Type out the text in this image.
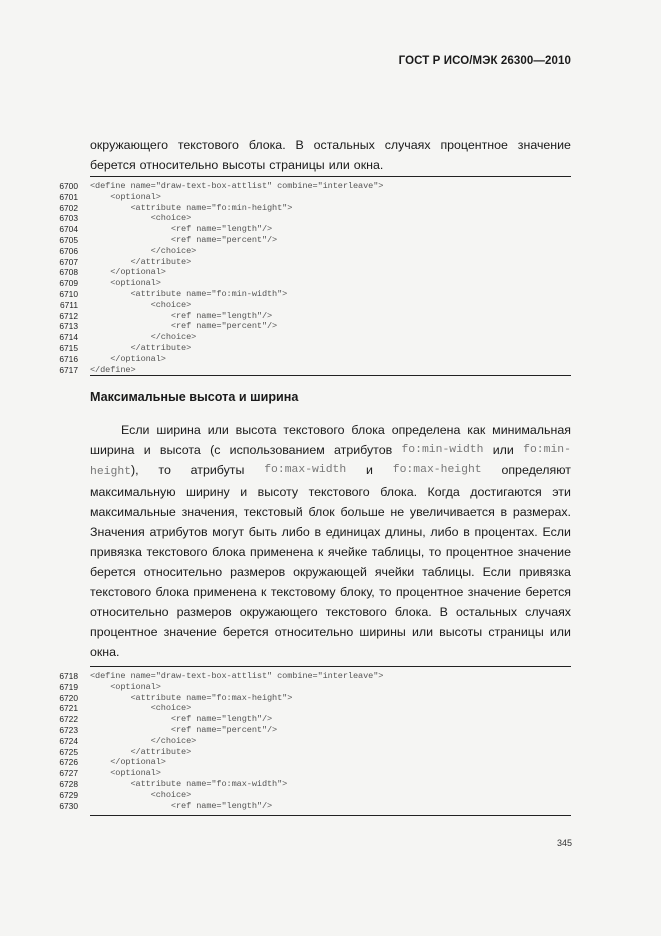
ГОСТ Р ИСО/МЭК 26300—2010
окружающего текстового блока. В остальных случаях процентное значение
берется относительно высоты страницы или окна.
6700 <define name="draw-text-box-attlist" combine="interleave">
6701 <optional>
6702 <attribute name="fo:min-height">
6703 <choice>
6704 <ref name="length"/>
6705 <ref name="percent"/>
6706 </choice>
6707 </attribute>
6708 </optional>
6709 <optional>
6710 <attribute name="fo:min-width">
6711 <choice>
6712 <ref name="length"/>
6713 <ref name="percent"/>
6714 </choice>
6715 </attribute>
6716 </optional>
6717 </define>
Максимальные высота и ширина
Если ширина или высота текстового блока определена как минимальная
ширина и высота (с использованием атрибутов fo:min-width или fo:min-
height), то атрибуты fo:max-width и fo:max-height определяют
максимальную ширину и высоту текстового блока. Когда достигаются эти
максимальные значения, текстовый блок больше не увеличивается в размерах.
Значения атрибутов могут быть либо в единицах длины, либо в процентах. Если
привязка текстового блока применена к ячейке таблицы, то процентное значение
берется относительно размеров окружающей ячейки таблицы. Если привязка
текстового блока применена к текстовому блоку, то процентное значение берется
относительно размеров окружающего текстового блока. В остальных случаях
процентное значение берется относительно ширины или высоты страницы или
окна.
6718 <define name="draw-text-box-attlist" combine="interleave">
6719 <optional>
6720 <attribute name="fo:max-height">
6721 <choice>
6722 <ref name="length"/>
6723 <ref name="percent"/>
6724 </choice>
6725 </attribute>
6726 </optional>
6727 <optional>
6728 <attribute name="fo:max-width">
6729 <choice>
6730 <ref name="length"/>
345
